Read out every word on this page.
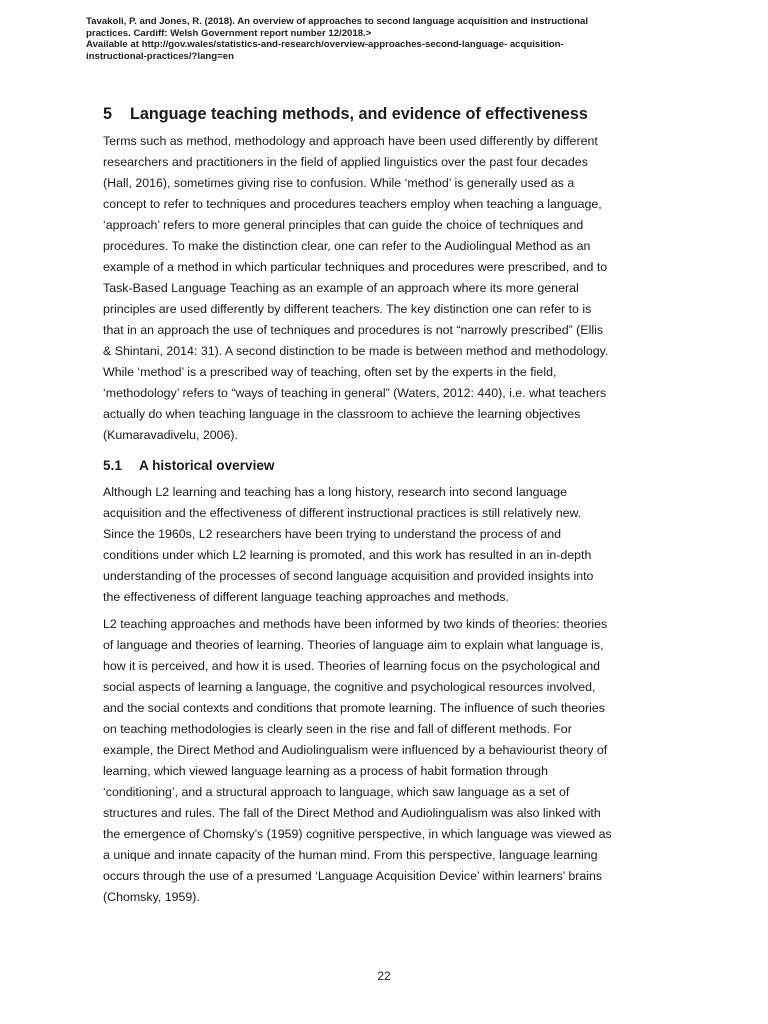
Tavakoli, P. and Jones, R. (2018). An overview of approaches to second language acquisition and instructional
practices. Cardiff: Welsh Government report number 12/2018.>
Available at http://gov.wales/statistics-and-research/overview-approaches-second-language- acquisition-
instructional-practices/?lang=en
5 Language teaching methods, and evidence of effectiveness
Terms such as method, methodology and approach have been used differently by different
researchers and practitioners in the field of applied linguistics over the past four decades
(Hall, 2016), sometimes giving rise to confusion. While ‘method’ is generally used as a
concept to refer to techniques and procedures teachers employ when teaching a language,
‘approach’ refers to more general principles that can guide the choice of techniques and
procedures. To make the distinction clear, one can refer to the Audiolingual Method as an
example of a method in which particular techniques and procedures were prescribed, and to
Task-Based Language Teaching as an example of an approach where its more general
principles are used differently by different teachers. The key distinction one can refer to is
that in an approach the use of techniques and procedures is not “narrowly prescribed” (Ellis
& Shintani, 2014: 31). A second distinction to be made is between method and methodology.
While ‘method’ is a prescribed way of teaching, often set by the experts in the field,
‘methodology’ refers to “ways of teaching in general” (Waters, 2012: 440), i.e. what teachers
actually do when teaching language in the classroom to achieve the learning objectives
(Kumaravadivelu, 2006).
5.1 A historical overview
Although L2 learning and teaching has a long history, research into second language
acquisition and the effectiveness of different instructional practices is still relatively new.
Since the 1960s, L2 researchers have been trying to understand the process of and
conditions under which L2 learning is promoted, and this work has resulted in an in-depth
understanding of the processes of second language acquisition and provided insights into
the effectiveness of different language teaching approaches and methods.
L2 teaching approaches and methods have been informed by two kinds of theories: theories
of language and theories of learning. Theories of language aim to explain what language is,
how it is perceived, and how it is used. Theories of learning focus on the psychological and
social aspects of learning a language, the cognitive and psychological resources involved,
and the social contexts and conditions that promote learning. The influence of such theories
on teaching methodologies is clearly seen in the rise and fall of different methods. For
example, the Direct Method and Audiolingualism were influenced by a behaviourist theory of
learning, which viewed language learning as a process of habit formation through
‘conditioning’, and a structural approach to language, which saw language as a set of
structures and rules. The fall of the Direct Method and Audiolingualism was also linked with
the emergence of Chomsky’s (1959) cognitive perspective, in which language was viewed as
a unique and innate capacity of the human mind. From this perspective, language learning
occurs through the use of a presumed ‘Language Acquisition Device’ within learners’ brains
(Chomsky, 1959).
22
